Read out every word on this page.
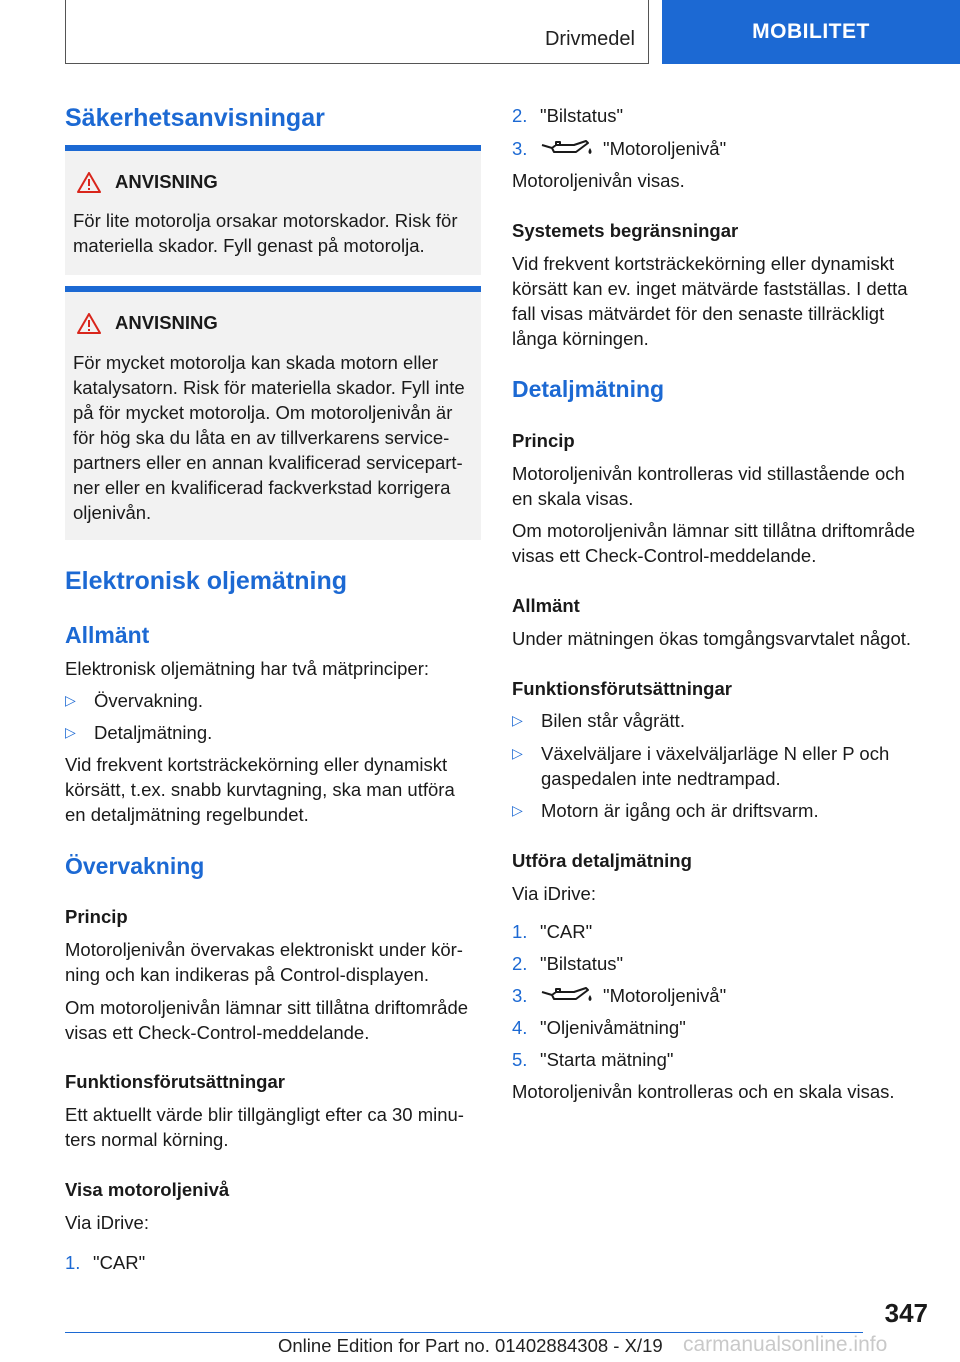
Drivmedel	MOBILITET
Säkerhetsanvisningar
ANVISNING
För lite motorolja orsakar motorskador. Risk för
materiella skador. Fyll genast på motorolja.
ANVISNING
För mycket motorolja kan skada motorn eller
katalysatorn. Risk för materiella skador. Fyll inte
på för mycket motorolja. Om motoroljenivån är
för hög ska du låta en av tillverkarens service-
partners eller en annan kvalificerad servicepart-
ner eller en kvalificerad fackverkstad korrigera
oljenivån.
Elektronisk oljemätning
Allmänt

Elektronisk oljemätning har två mätprinciper:

▷ Övervakning.
▷ Detaljmätning.

Vid frekvent kortsträckekörning eller dynamiskt

körsätt, t.ex. snabb kurvtagning, ska man utföra

en detaljmätning regelbundet.

Övervakning
Princip

Motoroljenivån övervakas elektroniskt under kör-

ning och kan indikeras på Control-displayen.

Om motoroljenivån lämnar sitt tillåtna driftområde

visas ett Check-Control-meddelande.

Funktionsförutsättningar

Ett aktuellt värde blir tillgängligt efter ca 30 minu-

ters normal körning.

Visa motoroljenivå

Via iDrive:

1. "CAR"
2. "Bilstatus"
3.	"Motoroljenivå"

Motoroljenivån visas.

Systemets begränsningar

Vid frekvent kortsträckekörning eller dynamiskt

körsätt kan ev. inget mätvärde fastställas. I detta

fall visas mätvärdet för den senaste tillräckligt

långa körningen.

Detaljmätning
Princip

Motoroljenivån kontrolleras vid stillastående och

en skala visas.

Om motoroljenivån lämnar sitt tillåtna driftområde

visas ett Check-Control-meddelande.

Allmänt

Under mätningen ökas tomgångsvarvtalet något.

Funktionsförutsättningar
▷ Bilen står vågrätt.
▷ Växelväljare i växelväljarläge N eller P och
gaspedalen inte nedtrampad.
▷ Motorn är igång och är driftsvarm.
Utföra detaljmätning

Via iDrive:

1. "CAR"
2. "Bilstatus"
3.	"Motoroljenivå"
4. "Oljenivåmätning"
5. "Starta mätning"

Motoroljenivån kontrolleras och en skala visas.

347
Online Edition for Part no. 01402884308 - X/19 carmanualsonline.info
